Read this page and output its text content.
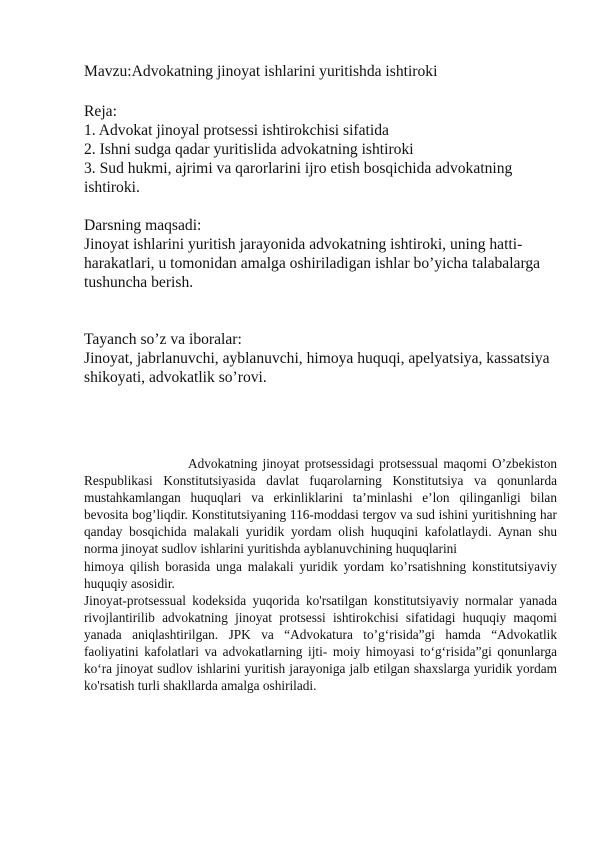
Mavzu:Advokatning jinoyat ishlarini yuritishda ishtiroki
Reja:
1. Advokat jinoyal protsessi ishtirokchisi sifatida
2. Ishni sudga qadar yuritislida advokatning ishtiroki
3. Sud hukmi, ajrimi va qarorlarini ijro etish bosqichida advokatning ishtiroki.
Darsning maqsadi:
Jinoyat ishlarini yuritish jarayonida advokatning ishtiroki, uning hatti-harakatlari, u tomonidan amalga oshiriladigan ishlar bo’yicha talabalarga tushuncha berish.
Tayanch so’z va iboralar:
Jinoyat, jabrlanuvchi, ayblanuvchi, himoya huquqi, apelyatsiya, kassatsiya shikoyati, advokatlik so’rovi.

Advokatning jinoyat protsessidagi protsessual maqomi O’zbekiston Respublikasi Konstitutsiyasida davlat fuqarolarning Konstitutsiya va qonunlarda mustahkamlangan huquqlari va erkinliklarini ta’minlashi e’lon qilinganligi bilan bevosita bog’liqdir. Konstitutsiyaning 116-moddasi tergov va sud ishini yuritishning har qanday bosqichida malakali yuridik yordam olish huquqini kafolatlaydi. Aynan shu norma jinoyat sudlov ishlarini yuritishda ayblanuvchining huquqlarini

himoya qilish borasida unga malakali yuridik yordam ko’rsatishning konstitutsiyaviy huquqiy asosidir.

Jinoyat-protsessual kodeksida yuqorida ko'rsatilgan konstitutsiyaviy normalar yanada rivojlantirilib advokatning jinoyat protsessi ishtirokchisi sifatidagi huquqiy maqomi yanada aniqlashtirilgan. JPK va “Advokatura to’g‘risida”gi hamda “Advokatlik faoliyatini kafolatlari va advokatlarning ijti- moiy himoyasi to‘g‘risida”gi qonunlarga ko‘ra jinoyat sudlov ishlarini yuritish jarayoniga jalb etilgan shaxslarga yuridik yordam ko'rsatish turli shakllarda amalga oshiriladi.
